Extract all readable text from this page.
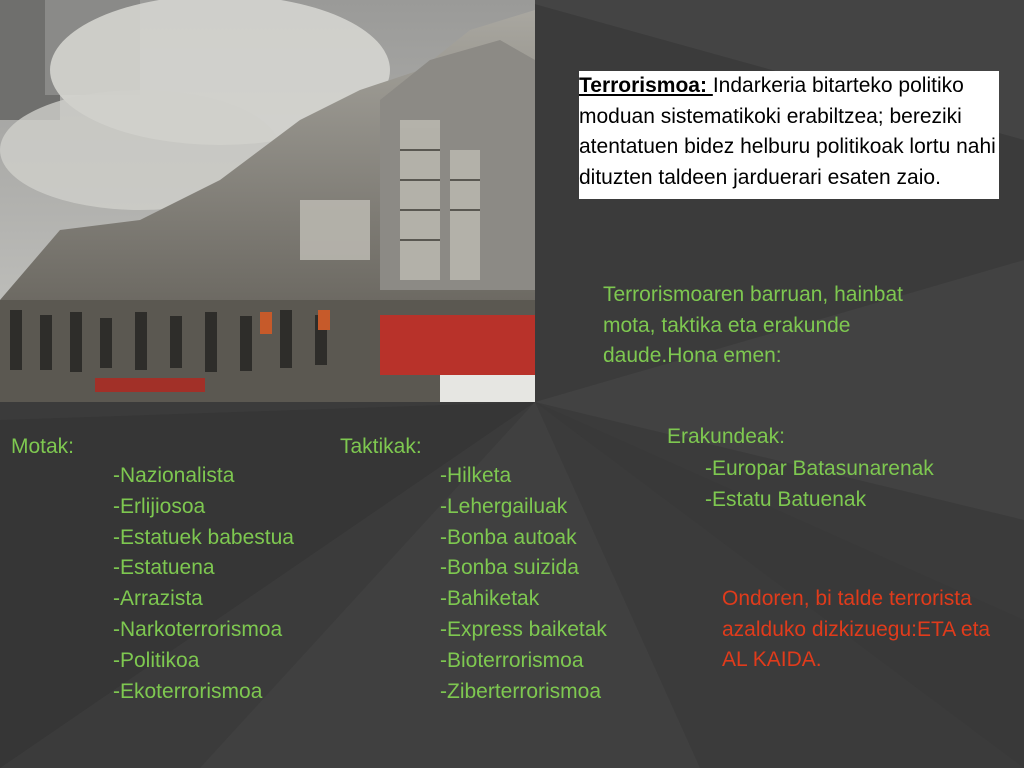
Terrorismoa: Indarkeria bitarteko politiko moduan sistematikoki erabiltzea; bereziki atentatuen bidez helburu politikoak lortu nahi dituzten taldeen jarduerari esaten zaio.
Terrorismoaren barruan, hainbat mota, taktika eta erakunde daude.Hona emen:
Motak:
-Nazionalista
-Erlijiosoa
-Estatuek babestua
-Estatuena
-Arrazista
-Narkoterrorismoa
-Politikoa
-Ekoterrorismoa
Taktikak:
-Hilketa
-Lehergailuak
-Bonba autoak
-Bonba suizida
-Bahiketak
-Express baiketak
-Bioterrorismoa
-Ziberterrorismoa
Erakundeak:
-Europar Batasunarenak
-Estatu Batuenak
Ondoren, bi talde terrorista azalduko dizkizuegu:ETA eta AL KAIDA.
